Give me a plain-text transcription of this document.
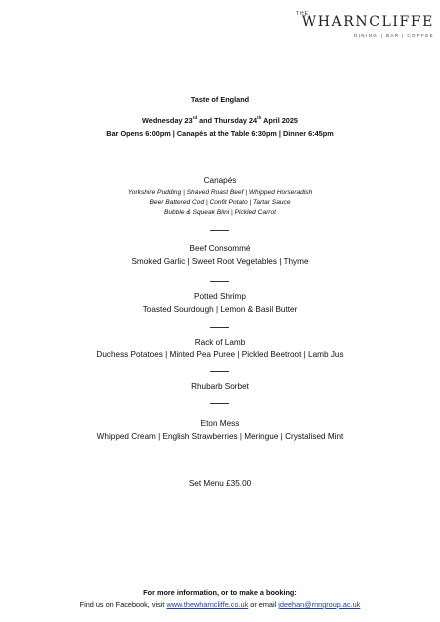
THE
WHARNCLIFFE
DINING | BAR | COFFEE
Taste of England
Wednesday 23rd and Thursday 24th April 2025
Bar Opens 6:00pm | Canapés at the Table 6:30pm | Dinner 6:45pm
Canapés
Yorkshire Pudding | Shaved Roast Beef | Whipped Horseradish
Beer Battered Cod | Confit Potato | Tartar Sauce
Bubble & Squeak Blini | Pickled Carrot
Beef Consommé
Smoked Garlic | Sweet Root Vegetables | Thyme
Potted Shrimp
Toasted Sourdough | Lemon & Basil Butter
Rack of Lamb
Duchess Potatoes | Minted Pea Puree | Pickled Beetroot | Lamb Jus
Rhubarb Sorbet
Eton Mess
Whipped Cream | English Strawberries | Meringue | Crystalised Mint
Set Menu £35.00
For more information, or to make a booking:
Find us on Facebook, visit www.thewharncliffe.co.uk or email jdeehan@rnngroup.ac.uk
